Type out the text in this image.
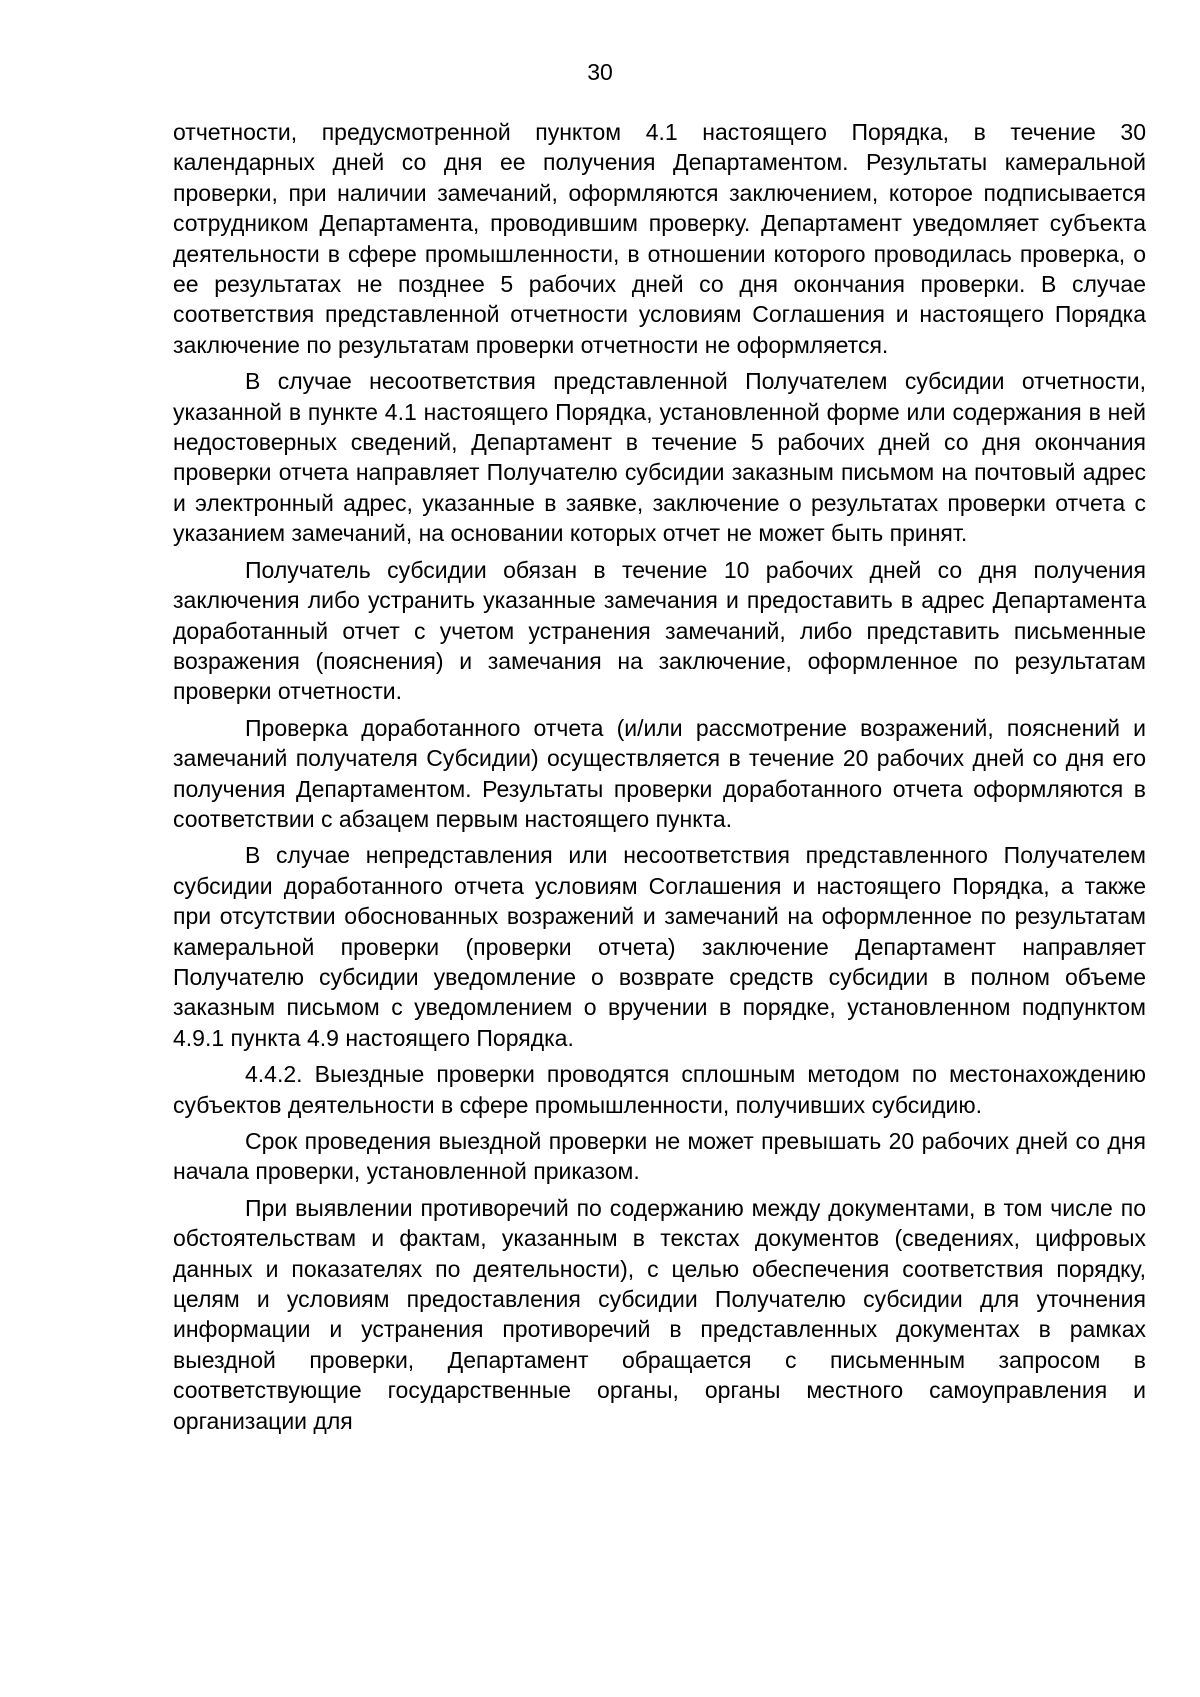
30

отчетности, предусмотренной пунктом 4.1 настоящего Порядка, в течение 30 календарных дней со дня ее получения Департаментом. Результаты камеральной проверки, при наличии замечаний, оформляются заключением, которое подписывается сотрудником Департамента, проводившим проверку. Департамент уведомляет субъекта деятельности в сфере промышленности, в отношении которого проводилась проверка, о ее результатах не позднее 5 рабочих дней со дня окончания проверки. В случае соответствия представленной отчетности условиям Соглашения и настоящего Порядка заключение по результатам проверки отчетности не оформляется.

В случае несоответствия представленной Получателем субсидии отчетности, указанной в пункте 4.1 настоящего Порядка, установленной форме или содержания в ней недостоверных сведений, Департамент в течение 5 рабочих дней со дня окончания проверки отчета направляет Получателю субсидии заказным письмом на почтовый адрес и электронный адрес, указанные в заявке, заключение о результатах проверки отчета с указанием замечаний, на основании которых отчет не может быть принят.

Получатель субсидии обязан в течение 10 рабочих дней со дня получения заключения либо устранить указанные замечания и предоставить в адрес Департамента доработанный отчет с учетом устранения замечаний, либо представить письменные возражения (пояснения) и замечания на заключение, оформленное по результатам проверки отчетности.

Проверка доработанного отчета (и/или рассмотрение возражений, пояснений и замечаний получателя Субсидии) осуществляется в течение 20 рабочих дней со дня его получения Департаментом. Результаты проверки доработанного отчета оформляются в соответствии с абзацем первым настоящего пункта.

В случае непредставления или несоответствия представленного Получателем субсидии доработанного отчета условиям Соглашения и настоящего Порядка, а также при отсутствии обоснованных возражений и замечаний на оформленное по результатам камеральной проверки (проверки отчета) заключение Департамент направляет Получателю субсидии уведомление о возврате средств субсидии в полном объеме заказным письмом с уведомлением о вручении в порядке, установленном подпунктом 4.9.1 пункта 4.9 настоящего Порядка.

4.4.2. Выездные проверки проводятся сплошным методом по местонахождению субъектов деятельности в сфере промышленности, получивших субсидию.

Срок проведения выездной проверки не может превышать 20 рабочих дней со дня начала проверки, установленной приказом.

При выявлении противоречий по содержанию между документами, в том числе по обстоятельствам и фактам, указанным в текстах документов (сведениях, цифровых данных и показателях по деятельности), с целью обеспечения соответствия порядку, целям и условиям предоставления субсидии Получателю субсидии для уточнения информации и устранения противоречий в представленных документах в рамках выездной проверки, Департамент обращается с письменным запросом в соответствующие государственные органы, органы местного самоуправления и организации для
